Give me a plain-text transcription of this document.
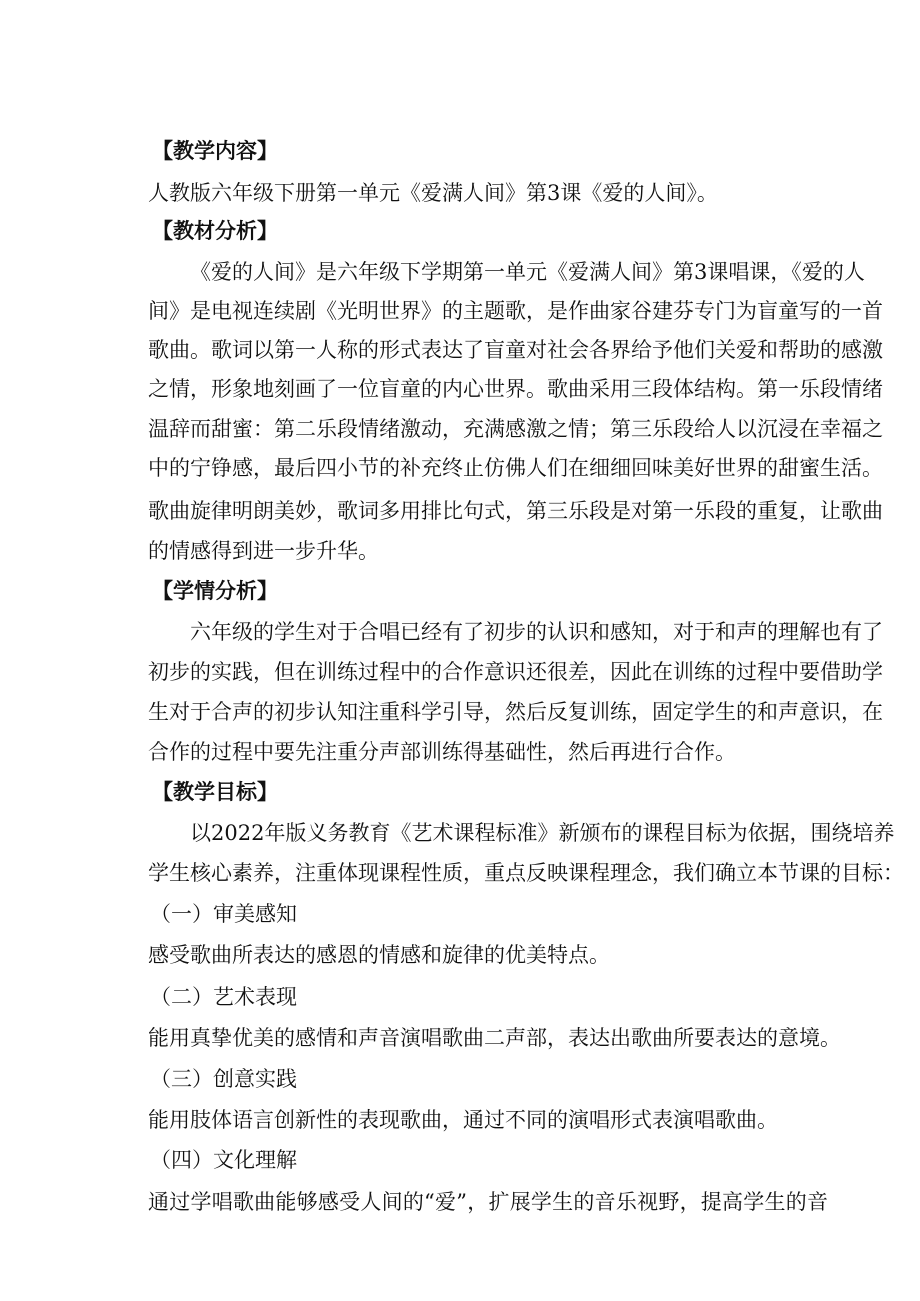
【教学内容】
人教版六年级下册第一单元《爱满人间》第3课《爱的人间》。
【教材分析】
《爱的人间》是六年级下学期第一单元《爱满人间》第3课唱课，《爱的人
间》是电视连续剧《光明世界》的主题歌，是作曲家谷建芬专门为盲童写的一首
歌曲。歌词以第一人称的形式表达了盲童对社会各界给予他们关爱和帮助的感激
之情，形象地刻画了一位盲童的内心世界。歌曲采用三段体结构。第一乐段情绪
温辞而甜蜜：第二乐段情绪激动，充满感激之情；第三乐段给人以沉浸在幸福之
中的宁铮感，最后四小节的补充终止仿佛人们在细细回味美好世界的甜蜜生活。
歌曲旋律明朗美妙，歌词多用排比句式，第三乐段是对第一乐段的重复，让歌曲
的情感得到进一步升华。
【学情分析】
六年级的学生对于合唱已经有了初步的认识和感知，对于和声的理解也有了
初步的实践，但在训练过程中的合作意识还很差，因此在训练的过程中要借助学
生对于合声的初步认知注重科学引导，然后反复训练，固定学生的和声意识，在
合作的过程中要先注重分声部训练得基础性，然后再进行合作。
【教学目标】
以2022年版义务教育《艺术课程标准》新颁布的课程目标为依据，围绕培养
学生核心素养，注重体现课程性质，重点反映课程理念，我们确立本节课的目标：
（一）审美感知
感受歌曲所表达的感恩的情感和旋律的优美特点。
（二）艺术表现
能用真挚优美的感情和声音演唱歌曲二声部，表达出歌曲所要表达的意境。
（三）创意实践
能用肢体语言创新性的表现歌曲，通过不同的演唱形式表演唱歌曲。
（四）文化理解
通过学唱歌曲能够感受人间的“爱”，扩展学生的音乐视野，提高学生的音
